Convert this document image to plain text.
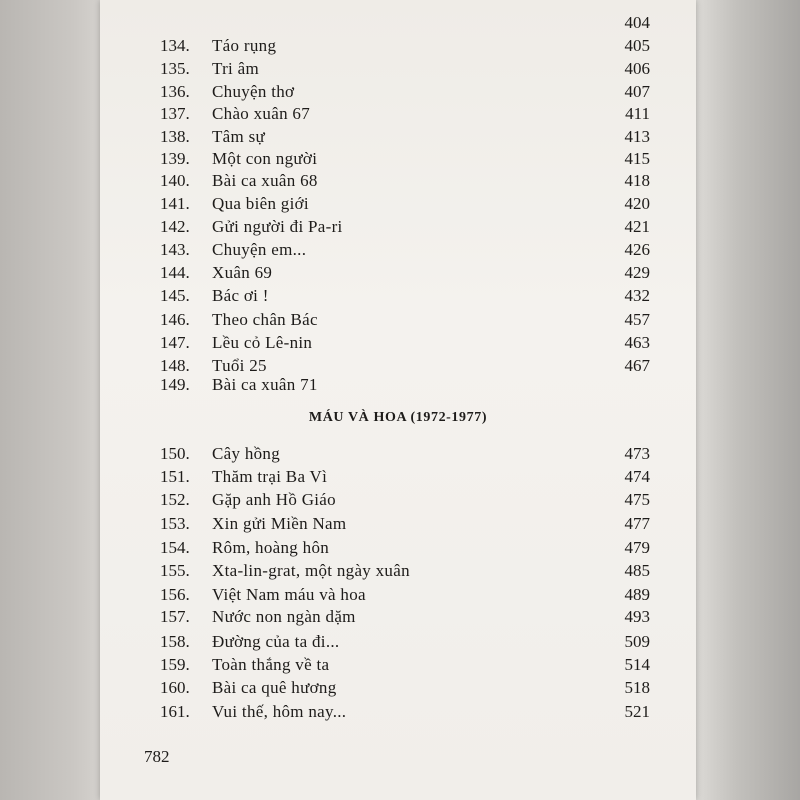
404
134.	Táo rụng	405
135.	Tri âm	406
136.	Chuyện thơ	407
137.	Chào xuân 67	411
138.	Tâm sự	413
139.	Một con người	415
140.	Bài ca xuân 68	418
141.	Qua biên giới	420
142.	Gửi người đi Pa-ri	421
143.	Chuyện em...	426
144.	Xuân 69	429
145.	Bác ơi !	432
146.	Theo chân Bác	457
147.	Lều cỏ Lê-nin	463
148.	Tuổi 25	467
149.	Bài ca xuân 71
MÁU VÀ HOA (1972-1977)
150.	Cây hồng	473
151.	Thăm trại Ba Vì	474
152.	Gặp anh Hồ Giáo	475
153.	Xin gửi Miền Nam	477
154.	Rôm, hoàng hôn	479
155.	Xta-lin-grat, một ngày xuân	485
156.	Việt Nam máu và hoa	489
157.	Nước non ngàn dặm	493
158.	Đường của ta đi...	509
159.	Toàn thắng về ta	514
160.	Bài ca quê hương	518
161.	Vui thế, hôm nay...	521
782
